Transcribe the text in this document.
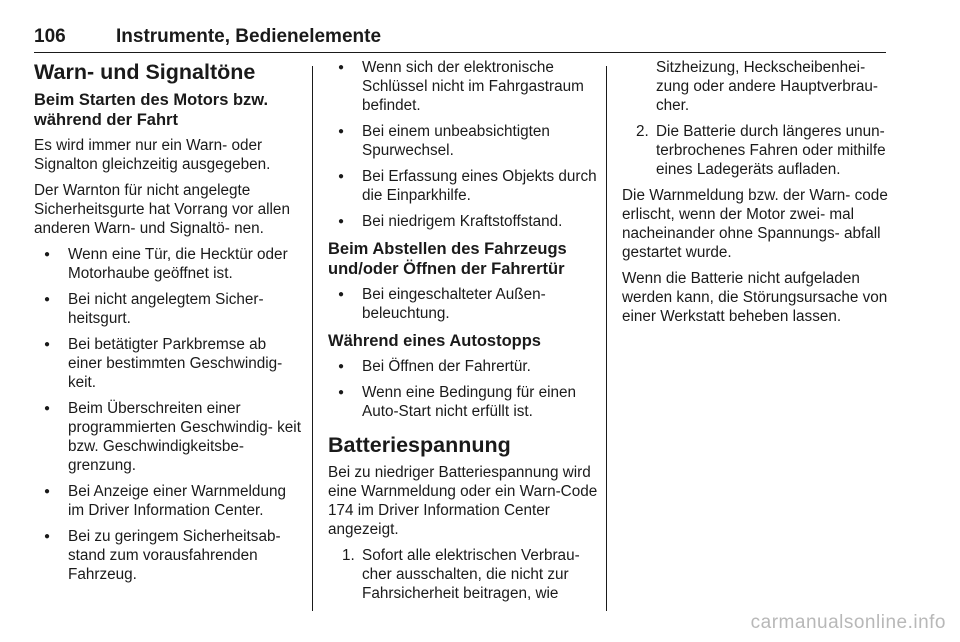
106	Instrumente, Bedienelemente
Warn- und Signaltöne
Beim Starten des Motors bzw. während der Fahrt

Es wird immer nur ein Warn- oder Signalton gleichzeitig ausgegeben.

Der Warnton für nicht angelegte Sicherheitsgurte hat Vorrang vor allen anderen Warn- und Signaltö- nen.

● Wenn eine Tür, die Hecktür oder Motorhaube geöffnet ist.
● Bei nicht angelegtem Sicher- heitsgurt.
● Bei betätigter Parkbremse ab einer bestimmten Geschwindig- keit.
● Beim Überschreiten einer programmierten Geschwindig- keit bzw. Geschwindigkeitsbe- grenzung.
● Bei Anzeige einer Warnmeldung im Driver Information Center.
● Bei zu geringem Sicherheitsab- stand zum vorausfahrenden Fahrzeug.
● Wenn sich der elektronische Schlüssel nicht im Fahrgastraum befindet.
● Bei einem unbeabsichtigten Spurwechsel.
● Bei Erfassung eines Objekts durch die Einparkhilfe.
● Bei niedrigem Kraftstoffstand.
Beim Abstellen des Fahrzeugs und/oder Öffnen der Fahrertür
● Bei eingeschalteter Außen- beleuchtung.
Während eines Autostopps
● Bei Öffnen der Fahrertür.
● Wenn eine Bedingung für einen Auto-Start nicht erfüllt ist.
Batteriespannung

Bei zu niedriger Batteriespannung wird eine Warnmeldung oder ein Warn-Code 174 im Driver Information Center angezeigt.

1. Sofort alle elektrischen Verbrau- cher ausschalten, die nicht zur Fahrsicherheit beitragen, wie
Sitzheizung, Heckscheibenhei- zung oder andere Hauptverbrau- cher.
2. Die Batterie durch längeres unun- terbrochenes Fahren oder mithilfe eines Ladegeräts aufladen.

Die Warnmeldung bzw. der Warn- code erlischt, wenn der Motor zwei- mal nacheinander ohne Spannungs- abfall gestartet wurde.

Wenn die Batterie nicht aufgeladen werden kann, die Störungsursache von einer Werkstatt beheben lassen.

carmanualsonline.info
